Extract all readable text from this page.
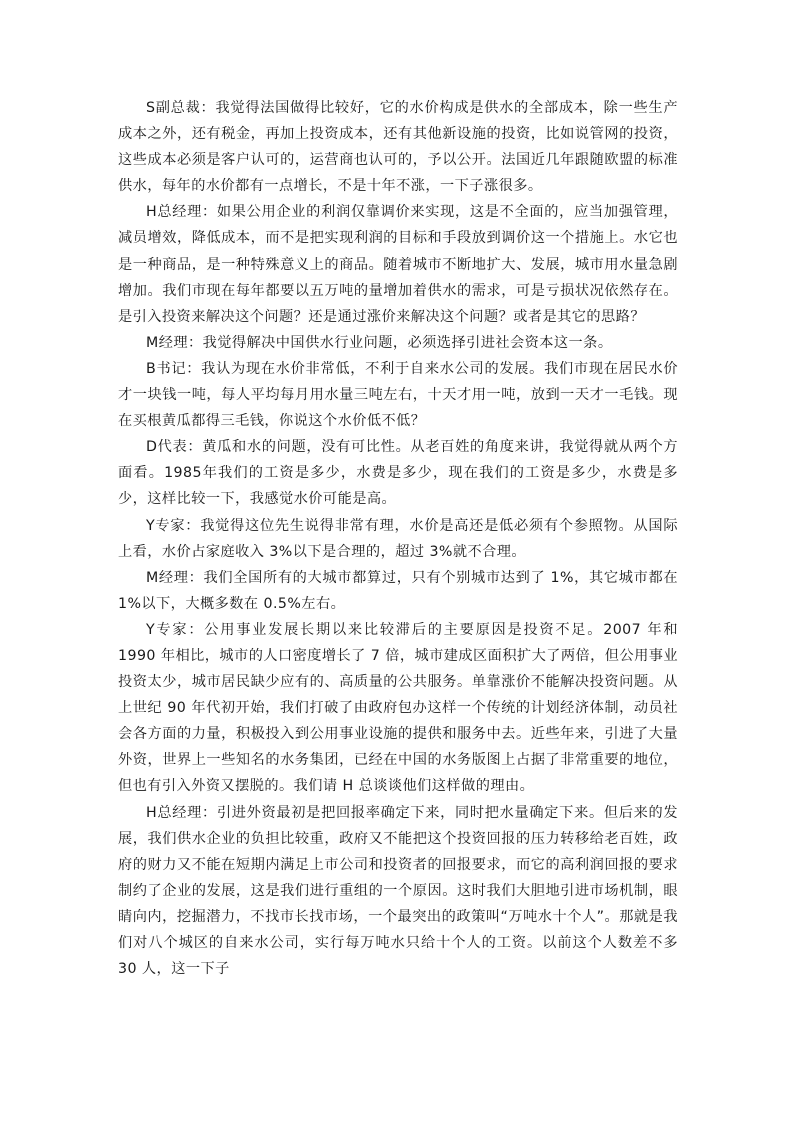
S副总裁：我觉得法国做得比较好，它的水价构成是供水的全部成本，除一些生产成本之外，还有税金，再加上投资成本，还有其他新设施的投资，比如说管网的投资，这些成本必须是客户认可的，运营商也认可的，予以公开。法国近几年跟随欧盟的标准供水，每年的水价都有一点增长，不是十年不涨，一下子涨很多。

H总经理：如果公用企业的利润仅靠调价来实现，这是不全面的，应当加强管理，减员增效，降低成本，而不是把实现利润的目标和手段放到调价这一个措施上。水它也是一种商品，是一种特殊意义上的商品。随着城市不断地扩大、发展，城市用水量急剧增加。我们市现在每年都要以五万吨的量增加着供水的需求，可是亏损状况依然存在。是引入投资来解决这个问题？还是通过涨价来解决这个问题？或者是其它的思路？

M经理：我觉得解决中国供水行业问题，必须选择引进社会资本这一条。

B书记：我认为现在水价非常低，不利于自来水公司的发展。我们市现在居民水价才一块钱一吨，每人平均每月用水量三吨左右，十天才用一吨，放到一天才一毛钱。现在买根黄瓜都得三毛钱，你说这个水价低不低？

D代表：黄瓜和水的问题，没有可比性。从老百姓的角度来讲，我觉得就从两个方面看。1985年我们的工资是多少，水费是多少，现在我们的工资是多少，水费是多少，这样比较一下，我感觉水价可能是高。

Y专家：我觉得这位先生说得非常有理，水价是高还是低必须有个参照物。从国际上看，水价占家庭收入 3%以下是合理的，超过 3%就不合理。

M经理：我们全国所有的大城市都算过，只有个别城市达到了 1%，其它城市都在 1%以下，大概多数在 0.5%左右。

Y专家：公用事业发展长期以来比较滞后的主要原因是投资不足。2007 年和 1990 年相比，城市的人口密度增长了 7 倍，城市建成区面积扩大了两倍，但公用事业投资太少，城市居民缺少应有的、高质量的公共服务。单靠涨价不能解决投资问题。从上世纪 90 年代初开始，我们打破了由政府包办这样一个传统的计划经济体制，动员社会各方面的力量，积极投入到公用事业设施的提供和服务中去。近些年来，引进了大量外资，世界上一些知名的水务集团，已经在中国的水务版图上占据了非常重要的地位，但也有引入外资又摆脱的。我们请 H 总谈谈他们这样做的理由。

H总经理：引进外资最初是把回报率确定下来，同时把水量确定下来。但后来的发展，我们供水企业的负担比较重，政府又不能把这个投资回报的压力转移给老百姓，政府的财力又不能在短期内满足上市公司和投资者的回报要求，而它的高利润回报的要求制约了企业的发展，这是我们进行重组的一个原因。这时我们大胆地引进市场机制，眼睛向内，挖掘潜力，不找市长找市场，一个最突出的政策叫“万吨水十个人”。那就是我们对八个城区的自来水公司，实行每万吨水只给十个人的工资。以前这个人数差不多 30 人，这一下子
